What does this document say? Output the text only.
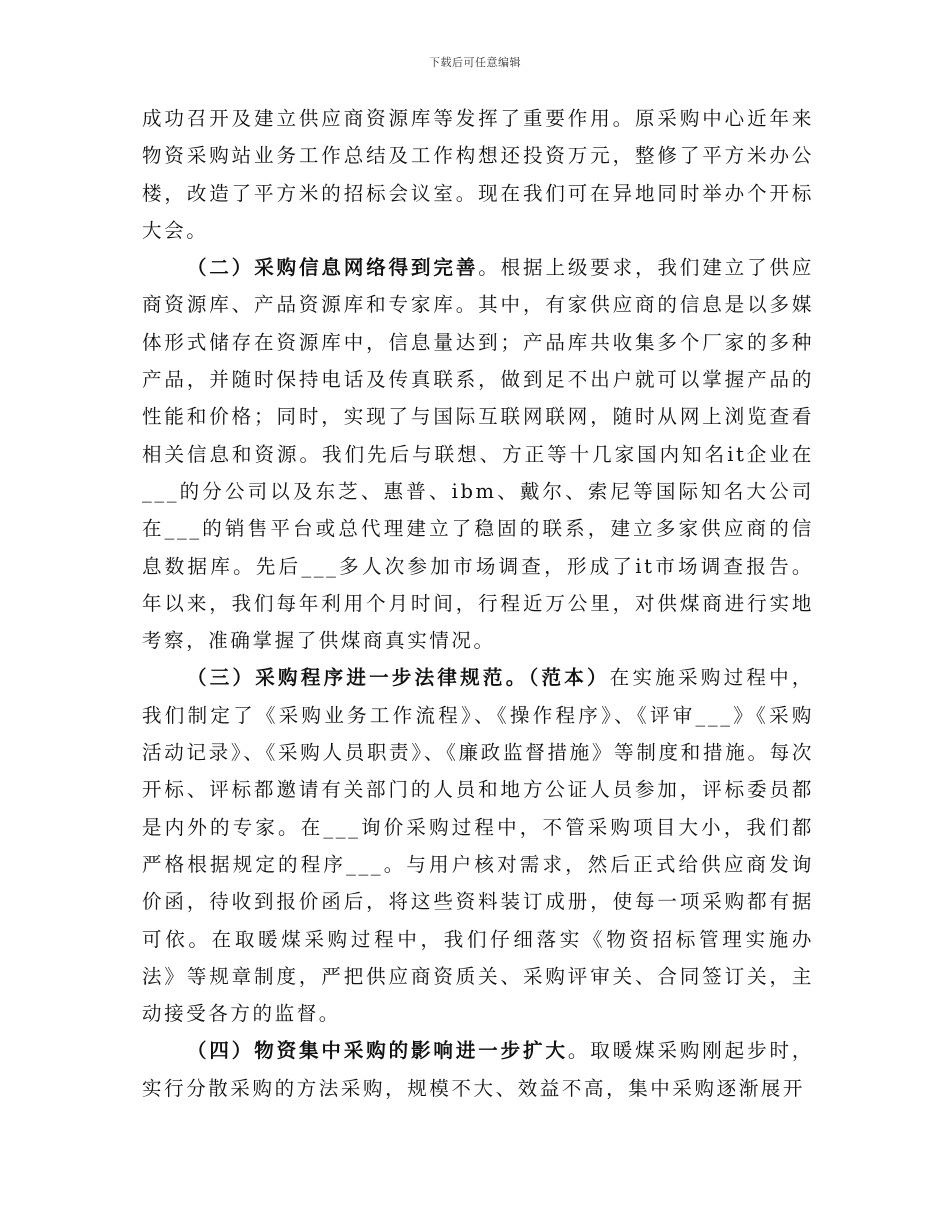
下载后可任意编辑

成功召开及建立供应商资源库等发挥了重要作用。原采购中心近年来物资采购站业务工作总结及工作构想还投资万元，整修了平方米办公楼，改造了平方米的招标会议室。现在我们可在异地同时举办个开标大会。

（二）采购信息网络得到完善。根据上级要求，我们建立了供应商资源库、产品资源库和专家库。其中，有家供应商的信息是以多媒体形式储存在资源库中，信息量达到；产品库共收集多个厂家的多种产品，并随时保持电话及传真联系，做到足不出户就可以掌握产品的性能和价格；同时，实现了与国际互联网联网，随时从网上浏览查看相关信息和资源。我们先后与联想、方正等十几家国内知名it企业在___的分公司以及东芝、惠普、ibm、戴尔、索尼等国际知名大公司在___的销售平台或总代理建立了稳固的联系，建立多家供应商的信息数据库。先后___多人次参加市场调查，形成了it市场调查报告。年以来，我们每年利用个月时间，行程近万公里，对供煤商进行实地考察，准确掌握了供煤商真实情况。

（三）采购程序进一步法律规范。（范本）在实施采购过程中，我们制定了《采购业务工作流程》、《操作程序》、《评审___》《采购活动记录》、《采购人员职责》、《廉政监督措施》等制度和措施。每次开标、评标都邀请有关部门的人员和地方公证人员参加，评标委员都是内外的专家。在___询价采购过程中，不管采购项目大小，我们都严格根据规定的程序___。与用户核对需求，然后正式给供应商发询价函，待收到报价函后，将这些资料装订成册，使每一项采购都有据可依。在取暖煤采购过程中，我们仔细落实《物资招标管理实施办法》等规章制度，严把供应商资质关、采购评审关、合同签订关，主动接受各方的监督。

（四）物资集中采购的影响进一步扩大。取暖煤采购刚起步时，实行分散采购的方法采购，规模不大、效益不高，集中采购逐渐展开
